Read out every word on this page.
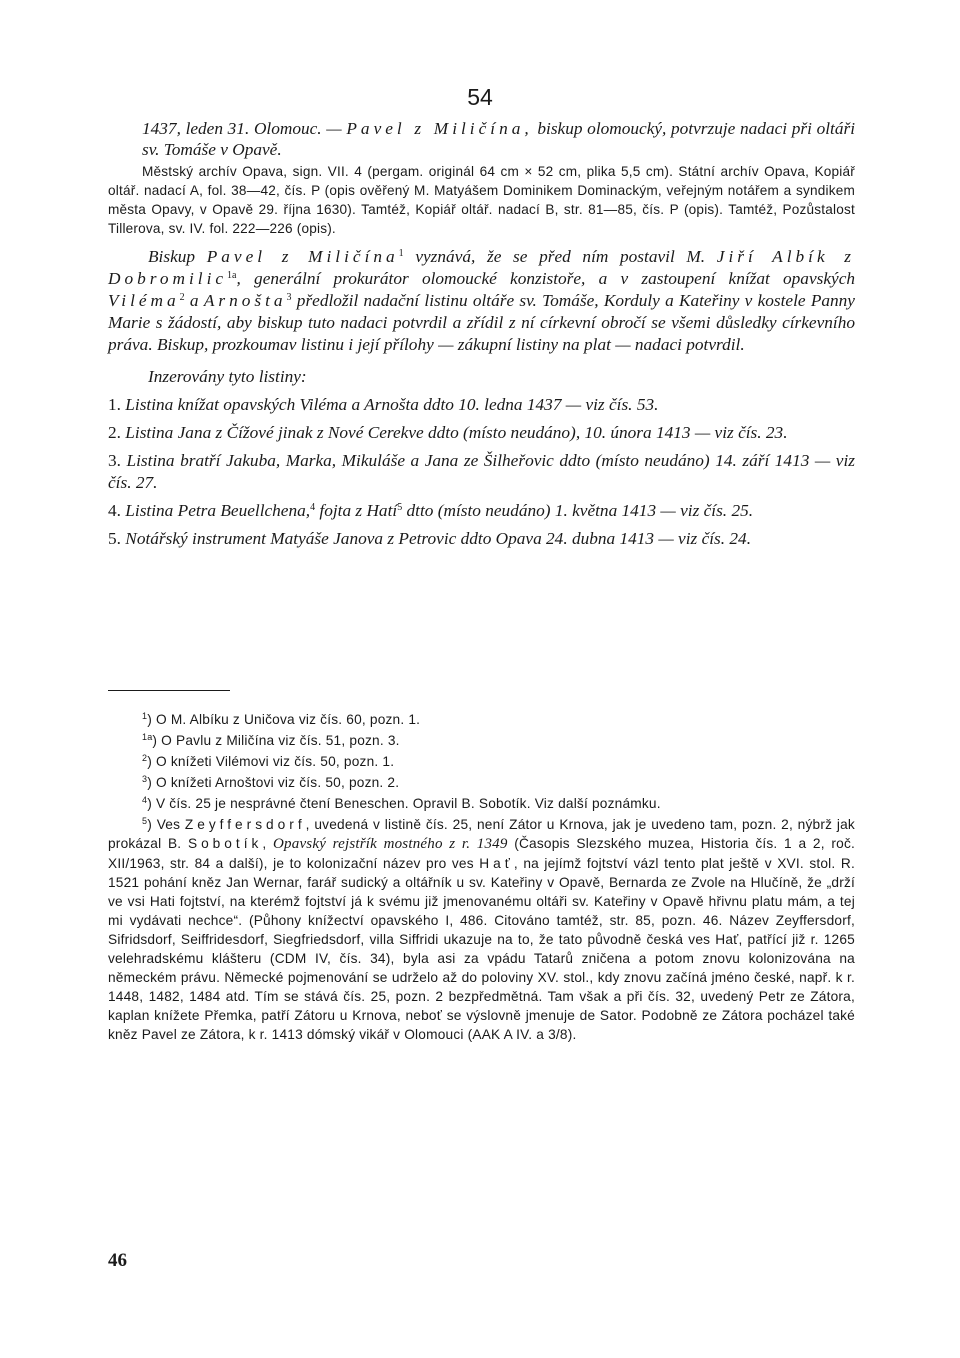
54

1437, leden 31. Olomouc. — Pavel z Miličína, biskup olomoucký, potvrzuje nadaci při oltáři sv. Tomáše v Opavě.

Městský archív Opava, sign. VII. 4 (pergam. originál 64 cm × 52 cm, plika 5,5 cm). Státní archív Opava, Kopiář oltář. nadací A, fol. 38—42, čís. P (opis ověřený M. Matyášem Dominikem Dominackým, veřejným notářem a syndikem města Opavy, v Opavě 29. října 1630). Tamtéž, Kopiář oltář. nadací B, str. 81—85, čís. P (opis). Tamtéž, Pozůstalost Tillerova, sv. IV. fol. 222—226 (opis).

Biskup Pavel z Miličína$^1$ vyznává, že se před ním postavil M. Jiří Albík z Dobromilic$^{1a}$, generální prokurátor olomoucké konzistoře, a v zastoupení knížat opavských Viléma$^2$ a Arnošta$^3$ předložil nadační listinu oltáře sv. Tomáše, Korduly a Kateřiny v kostele Panny Marie s žádostí, aby biskup tuto nadaci potvrdil a zřídil z ní církevní obročí se všemi důsledky církevního práva. Biskup, prozkoumav listinu i její přílohy — zákupní listiny na plat — nadaci potvrdil.

Inzerovány tyto listiny:

1. Listina knížat opavských Viléma a Arnošta ddto 10. ledna 1437 — viz čís. 53.
2. Listina Jana z Čížové jinak z Nové Cerekve ddto (místo neudáno), 10. února 1413 — viz čís. 23.
3. Listina bratří Jakuba, Marka, Mikuláše a Jana ze Šilheřovic ddto (místo neudáno) 14. září 1413 — viz čís. 27.
4. Listina Petra Beuellchena,$^4$ fojta z Hatí$^5$ dtto (místo neudáno) 1. května 1413 — viz čís. 25.
5. Notářský instrument Matyáše Janova z Petrovic ddto Opava 24. dubna 1413 — viz čís. 24.

$^1$) O M. Albíku z Uničova viz čís. 60, pozn. 1.

$^{1a}$) O Pavlu z Miličína viz čís. 51, pozn. 3.

$^2$) O knížeti Vilémovi viz čís. 50, pozn. 1.

$^3$) O knížeti Arnoštovi viz čís. 50, pozn. 2.

$^4$) V čís. 25 je nesprávné čtení Beneschen. Opravil B. Sobotík. Viz další poznámku.

$^5$) Ves Zeyffersdorf, uvedená v listině čís. 25, není Zátor u Krnova, jak je uvedeno tam, pozn. 2, nýbrž jak prokázal B. Sobotík, Opavský rejstřík mostného z r. 1349 (Časopis Slezského muzea, Historia čís. 1 a 2, roč. XII/1963, str. 84 a další), je to kolonizační název pro ves Hať, na jejímž fojtství vázl tento plat ještě v XVI. stol. R. 1521 pohání kněz Jan Wernar, farář sudický a oltářník u sv. Kateřiny v Opavě, Bernarda ze Zvole na Hlučíně, že „drží ve vsi Hati fojtství, na kterémž fojtství já k svému již jmenovanému oltáři sv. Kateřiny v Opavě hřivnu platu mám, a tej mi vydávati nechce“. (Půhony knížectví opavského I, 486. Citováno tamtéž, str. 85, pozn. 46. Název Zeyffersdorf, Sifridsdorf, Seiffridesdorf, Siegfriedsdorf, villa Siffridi ukazuje na to, že tato původně česká ves Hať, patřící již r. 1265 velehradskému klášteru (CDM IV, čís. 34), byla asi za vpádu Tatarů zničena a potom znovu kolonizována na německém právu. Německé pojmenování se udrželo až do poloviny XV. stol., kdy znovu začíná jméno české, např. k r. 1448, 1482, 1484 atd. Tím se stává čís. 25, pozn. 2 bezpředmětná. Tam však a při čís. 32, uvedený Petr ze Zátora, kaplan knížete Přemka, patří Zátoru u Krnova, neboť se výslovně jmenuje de Sator. Podobně ze Zátora pocházel také kněz Pavel ze Zátora, k r. 1413 dómský vikář v Olomouci (AAK A IV. a 3/8).

46
